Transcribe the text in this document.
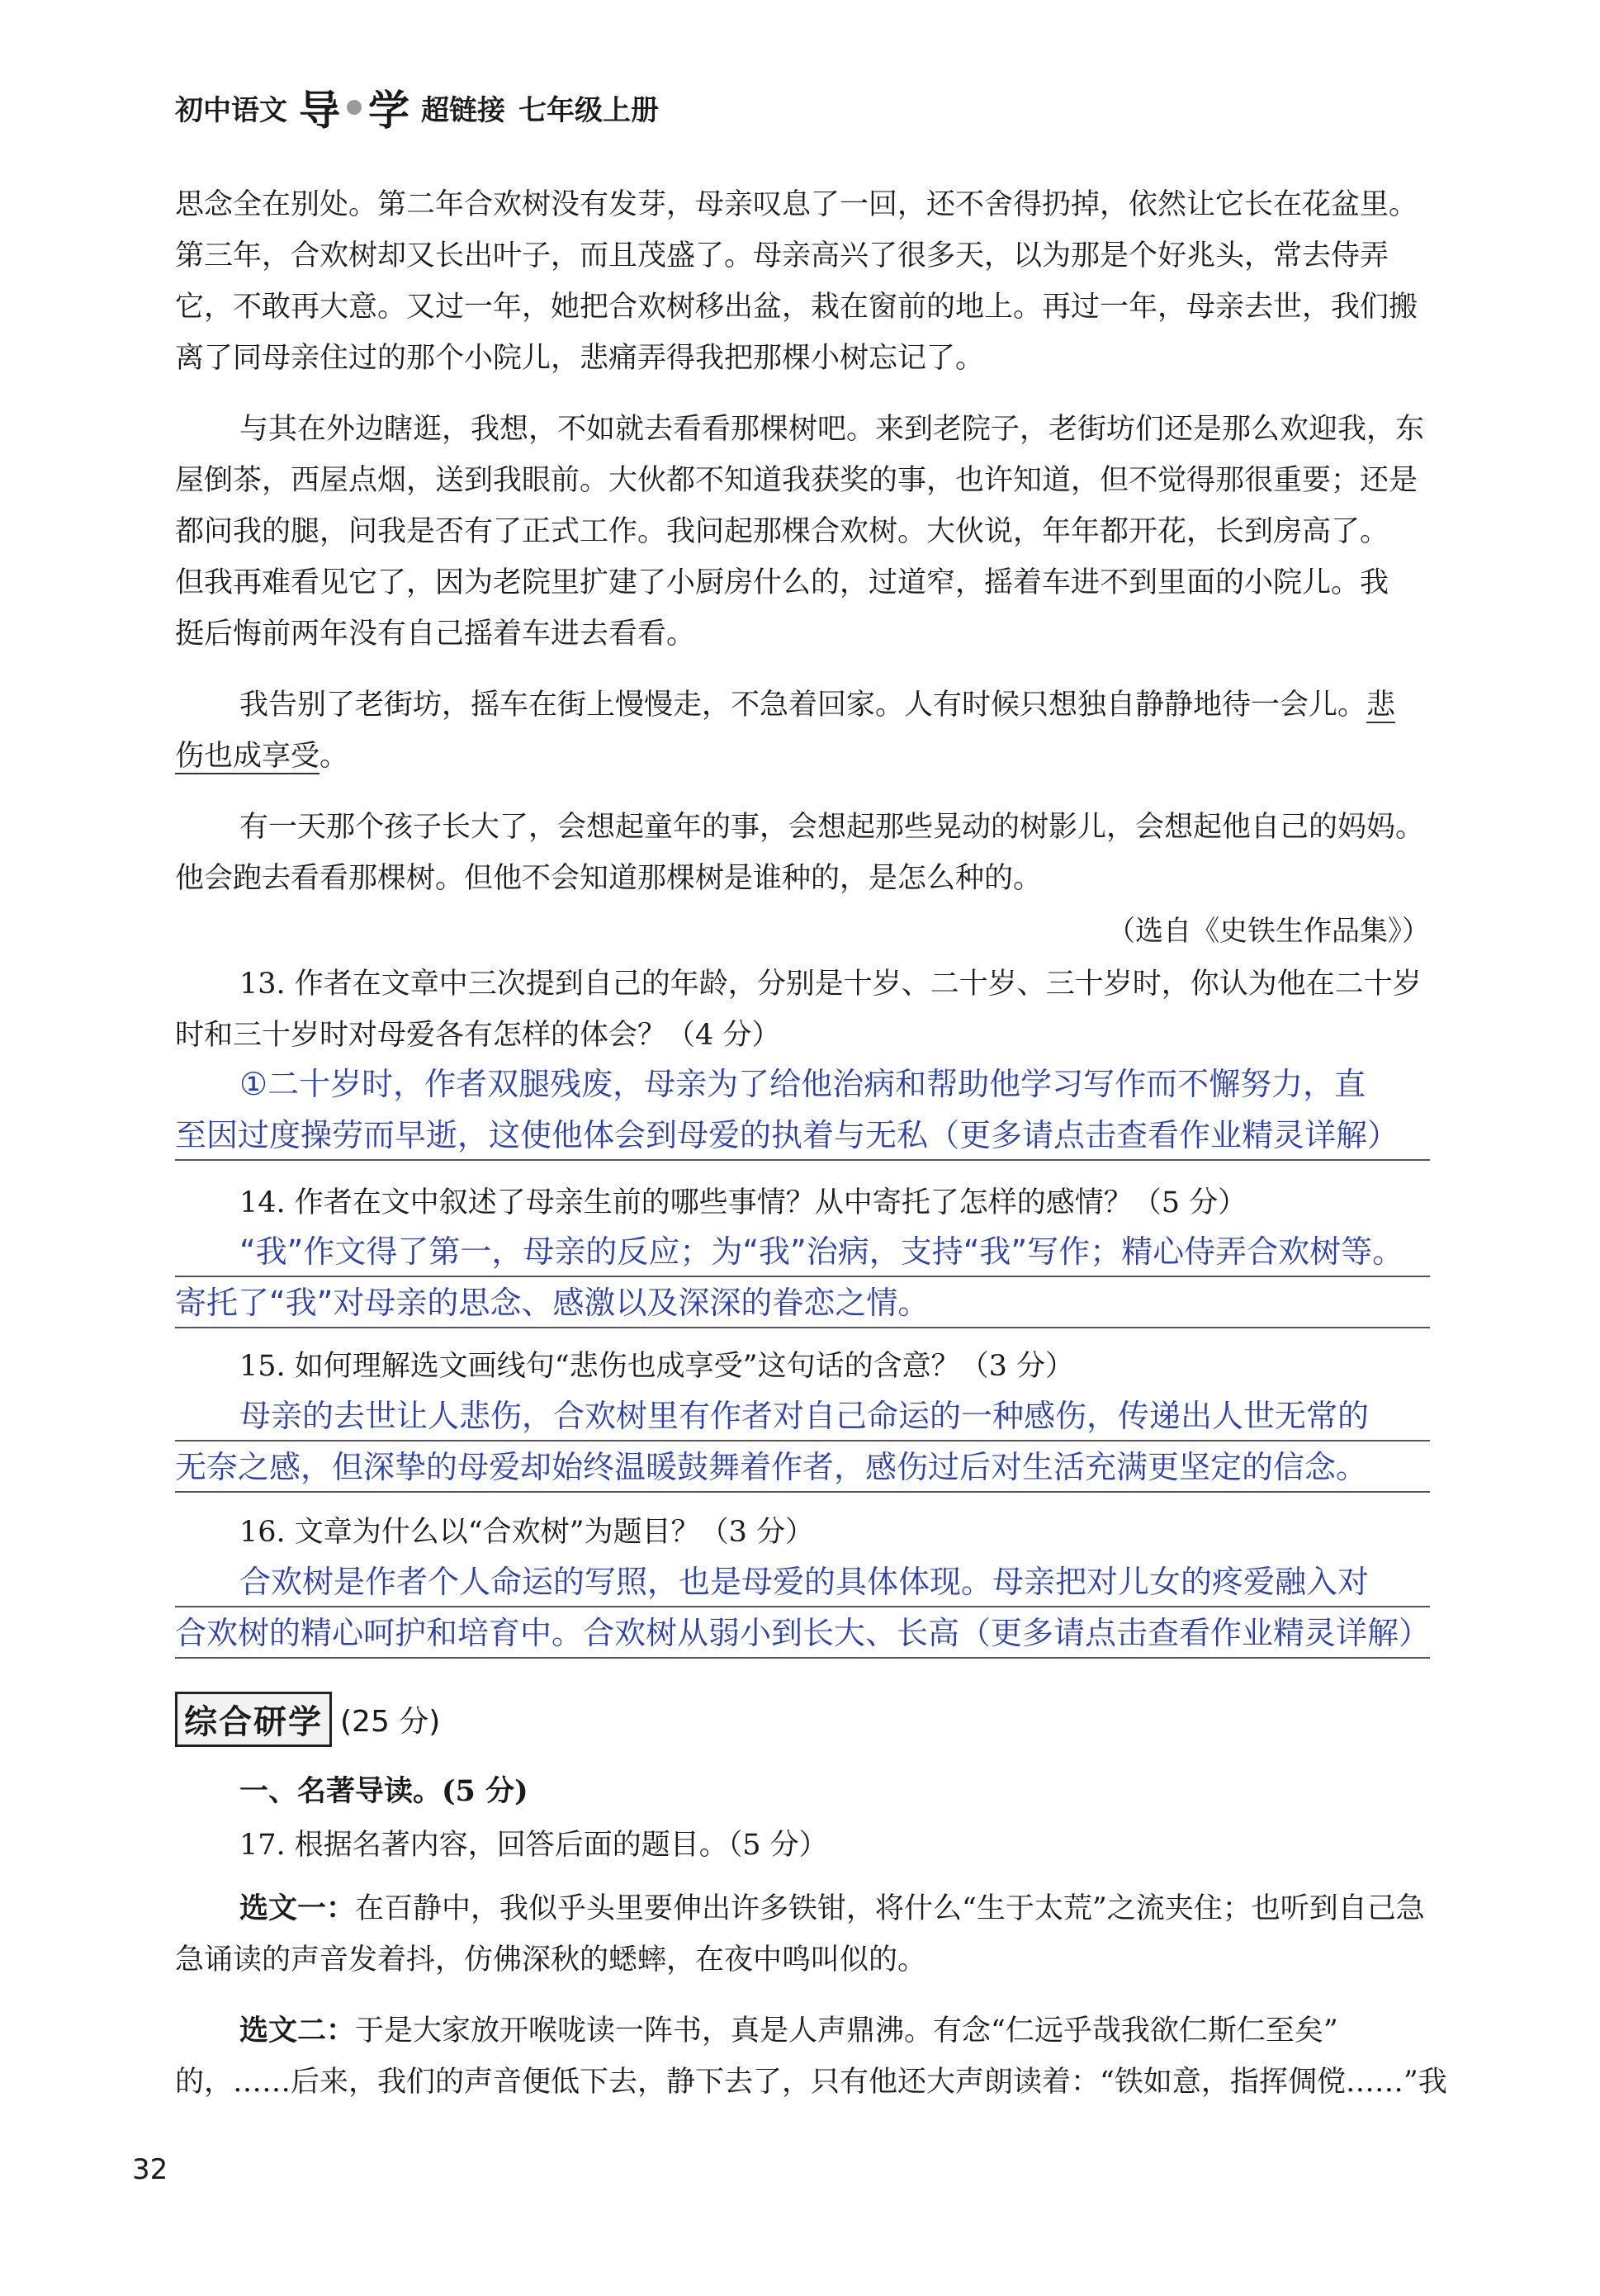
初中语文 导 学 超链接 七年级上册
思念全在别处。第二年合欢树没有发芽，母亲叹息了一回，还不舍得扔掉，依然让它长在花盆里。
第三年，合欢树却又长出叶子，而且茂盛了。母亲高兴了很多天，以为那是个好兆头，常去侍弄
它，不敢再大意。又过一年，她把合欢树移出盆，栽在窗前的地上。再过一年，母亲去世，我们搬
离了同母亲住过的那个小院儿，悲痛弄得我把那棵小树忘记了。
与其在外边瞎逛，我想，不如就去看看那棵树吧。来到老院子，老街坊们还是那么欢迎我，东
屋倒茶，西屋点烟，送到我眼前。大伙都不知道我获奖的事，也许知道，但不觉得那很重要；还是
都问我的腿，问我是否有了正式工作。我问起那棵合欢树。大伙说，年年都开花，长到房高了。
但我再难看见它了，因为老院里扩建了小厨房什么的，过道窄，摇着车进不到里面的小院儿。我
挺后悔前两年没有自己摇着车进去看看。
我告别了老街坊，摇车在街上慢慢走，不急着回家。人有时候只想独自静静地待一会儿。悲
伤也成享受。
有一天那个孩子长大了，会想起童年的事，会想起那些晃动的树影儿，会想起他自己的妈妈。
他会跑去看看那棵树。但他不会知道那棵树是谁种的，是怎么种的。
（选自《史铁生作品集》）
13. 作者在文章中三次提到自己的年龄，分别是十岁、二十岁、三十岁时，你认为他在二十岁
时和三十岁时对母爱各有怎样的体会？（4 分）
①二十岁时，作者双腿残废，母亲为了给他治病和帮助他学习写作而不懈努力，直
至因过度操劳而早逝，这使他体会到母爱的执着与无私（更多请点击查看作业精灵详解）
14. 作者在文中叙述了母亲生前的哪些事情？从中寄托了怎样的感情？（5 分）
“我”作文得了第一，母亲的反应；为“我”治病，支持“我”写作；精心侍弄合欢树等。
寄托了“我”对母亲的思念、感激以及深深的眷恋之情。
15. 如何理解选文画线句“悲伤也成享受”这句话的含意？（3 分）
母亲的去世让人悲伤，合欢树里有作者对自己命运的一种感伤，传递出人世无常的
无奈之感，但深挚的母爱却始终温暖鼓舞着作者，感伤过后对生活充满更坚定的信念。
16. 文章为什么以“合欢树”为题目？（3 分）
合欢树是作者个人命运的写照，也是母爱的具体体现。母亲把对儿女的疼爱融入对
合欢树的精心呵护和培育中。合欢树从弱小到长大、长高（更多请点击查看作业精灵详解）
综合研学 (25 分)
一、名著导读。(5 分)
17. 根据名著内容，回答后面的题目。（5 分）
选文一：在百静中，我似乎头里要伸出许多铁钳，将什么“生于太荒”之流夹住；也听到自己急
急诵读的声音发着抖，仿佛深秋的蟋蟀，在夜中鸣叫似的。
选文二：于是大家放开喉咙读一阵书，真是人声鼎沸。有念“仁远乎哉我欲仁斯仁至矣”
的，……后来，我们的声音便低下去，静下去了，只有他还大声朗读着：“铁如意，指挥倜傥……”我
32
